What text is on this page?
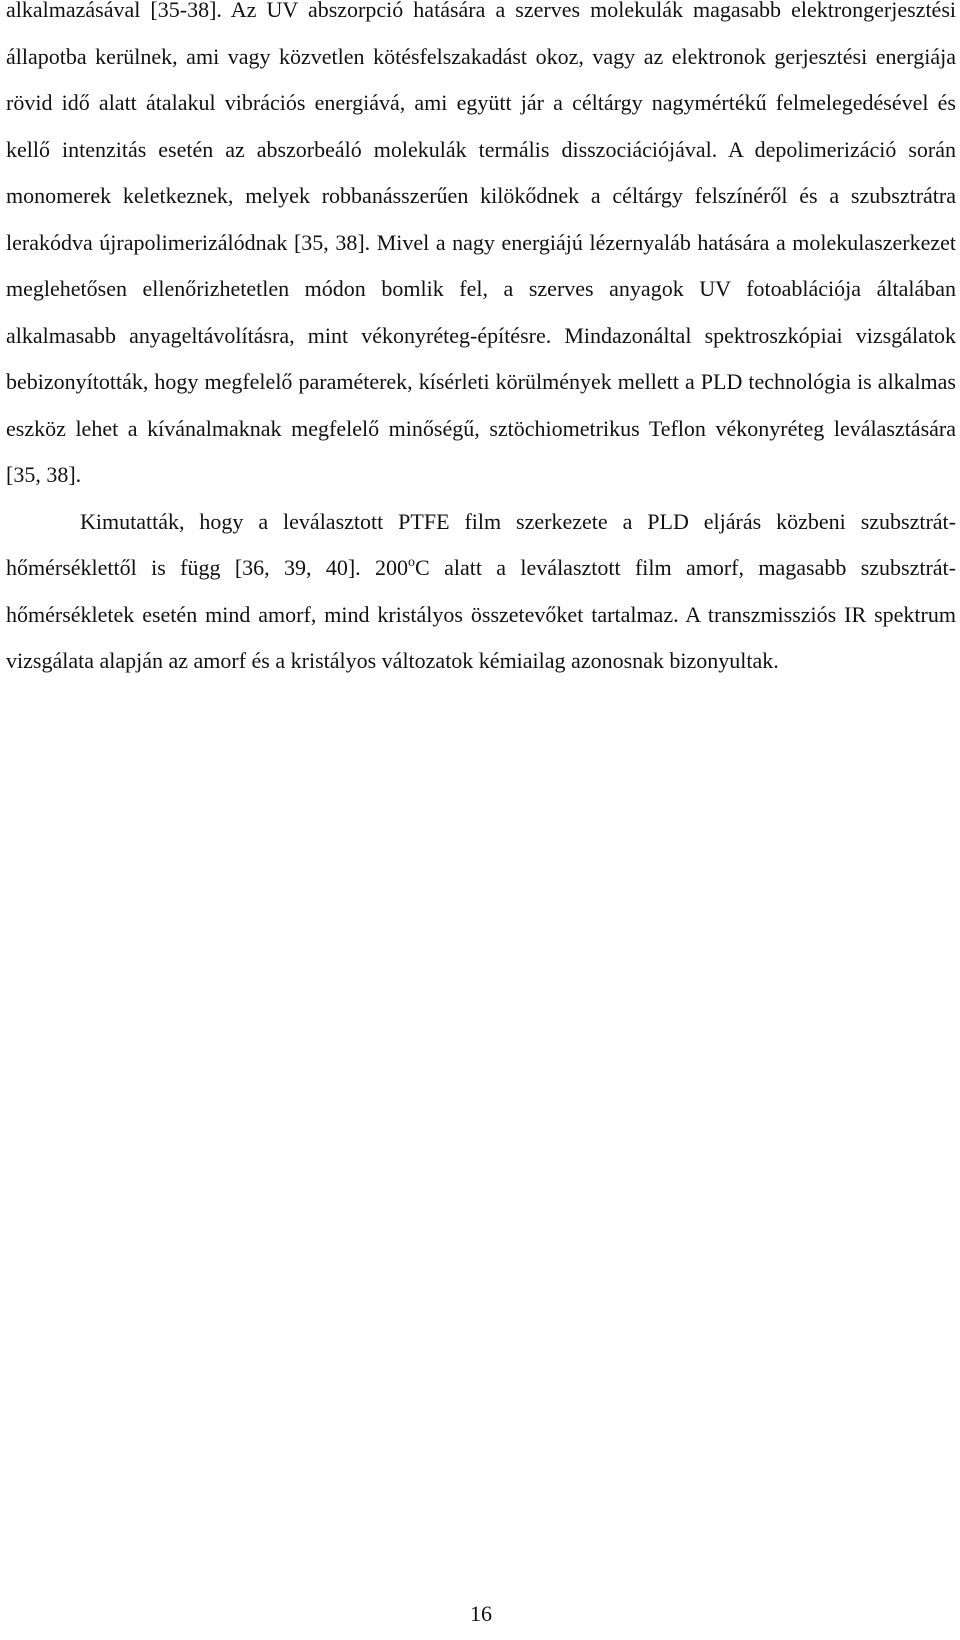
alkalmazásával [35-38]. Az UV abszorpció hatására a szerves molekulák magasabb elektrongerjesztési állapotba kerülnek, ami vagy közvetlen kötésfelszakadást okoz, vagy az elektronok gerjesztési energiája rövid idő alatt átalakul vibrációs energiává, ami együtt jár a céltárgy nagymértékű felmelegedésével és kellő intenzitás esetén az abszorbeáló molekulák termális disszociációjával. A depolimerizáció során monomerek keletkeznek, melyek robbanásszerűen kilökődnek a céltárgy felszínéről és a szubsztrátra lerakódva újrapolimerizálódnak [35, 38]. Mivel a nagy energiájú lézernyaláb hatására a molekulaszerkezet meglehetősen ellenőrizhetetlen módon bomlik fel, a szerves anyagok UV fotoablációja általában alkalmasabb anyageltávolításra, mint vékonyréteg-építésre. Mindazonáltal spektroszkópiai vizsgálatok bebizonyították, hogy megfelelő paraméterek, kísérleti körülmények mellett a PLD technológia is alkalmas eszköz lehet a kívánalmaknak megfelelő minőségű, sztöchiometrikus Teflon vékonyréteg leválasztására [35, 38].

Kimutatták, hogy a leválasztott PTFE film szerkezete a PLD eljárás közbeni szubsztrát-hőmérséklettől is függ [36, 39, 40]. 200$^o$C alatt a leválasztott film amorf, magasabb szubsztrát-hőmérsékletek esetén mind amorf, mind kristályos összetevőket tartalmaz. A transzmissziós IR spektrum vizsgálata alapján az amorf és a kristályos változatok kémiailag azonosnak bizonyultak.

16
